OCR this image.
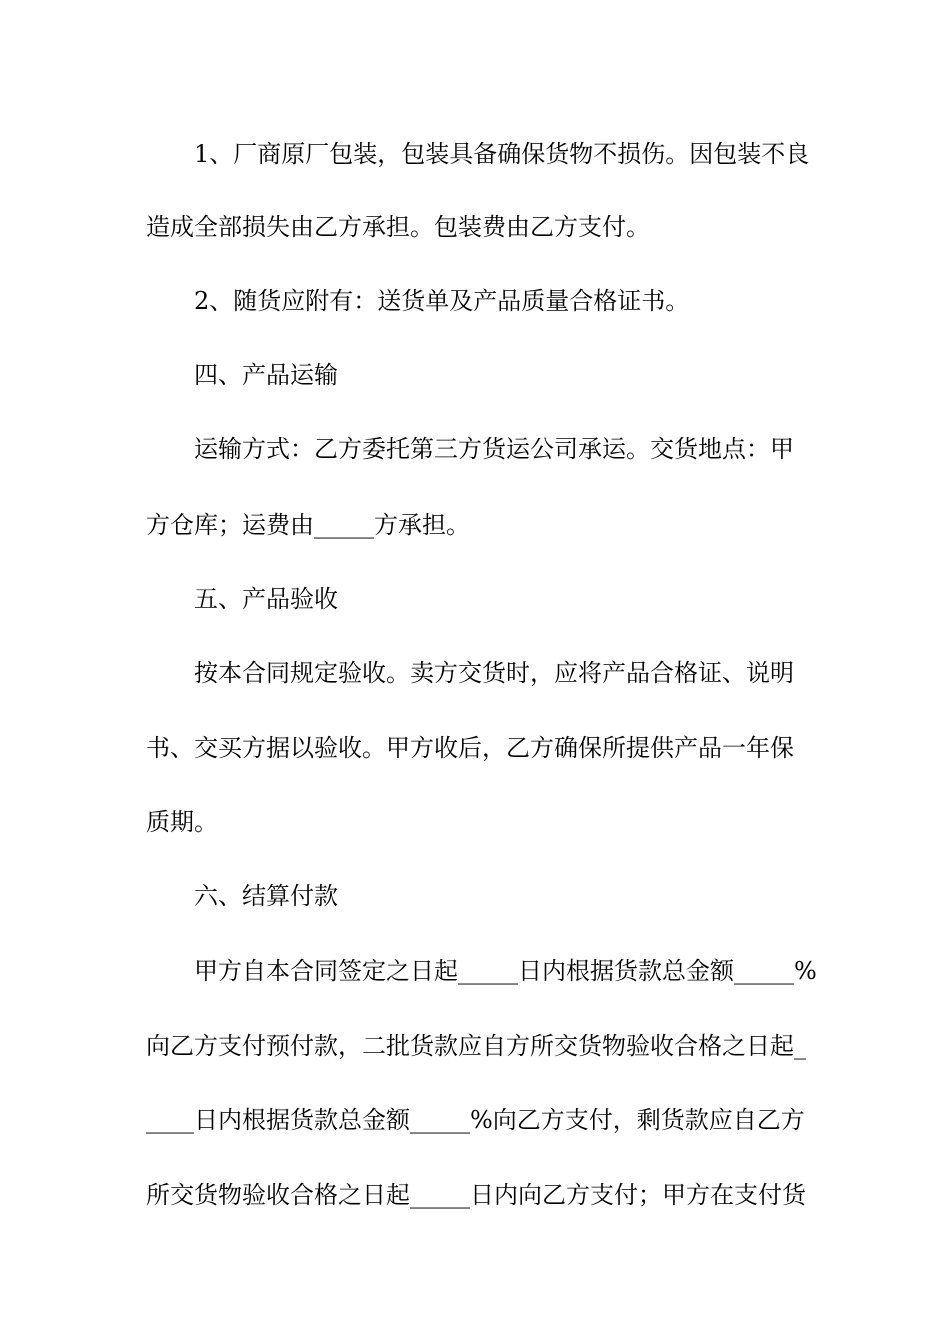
1、厂商原厂包装，包装具备确保货物不损伤。因包装不良
造成全部损失由乙方承担。包装费由乙方支付。
2、随货应附有：送货单及产品质量合格证书。
四、产品运输
运输方式：乙方委托第三方货运公司承运。交货地点：甲
方仓库；运费由_____方承担。
五、产品验收
按本合同规定验收。卖方交货时，应将产品合格证、说明
书、交买方据以验收。甲方收后，乙方确保所提供产品一年保
质期。
六、结算付款
甲方自本合同签定之日起_____日内根据货款总金额_____%
向乙方支付预付款，二批货款应自方所交货物验收合格之日起_
____日内根据货款总金额_____%向乙方支付，剩货款应自乙方
所交货物验收合格之日起_____日内向乙方支付；甲方在支付货
